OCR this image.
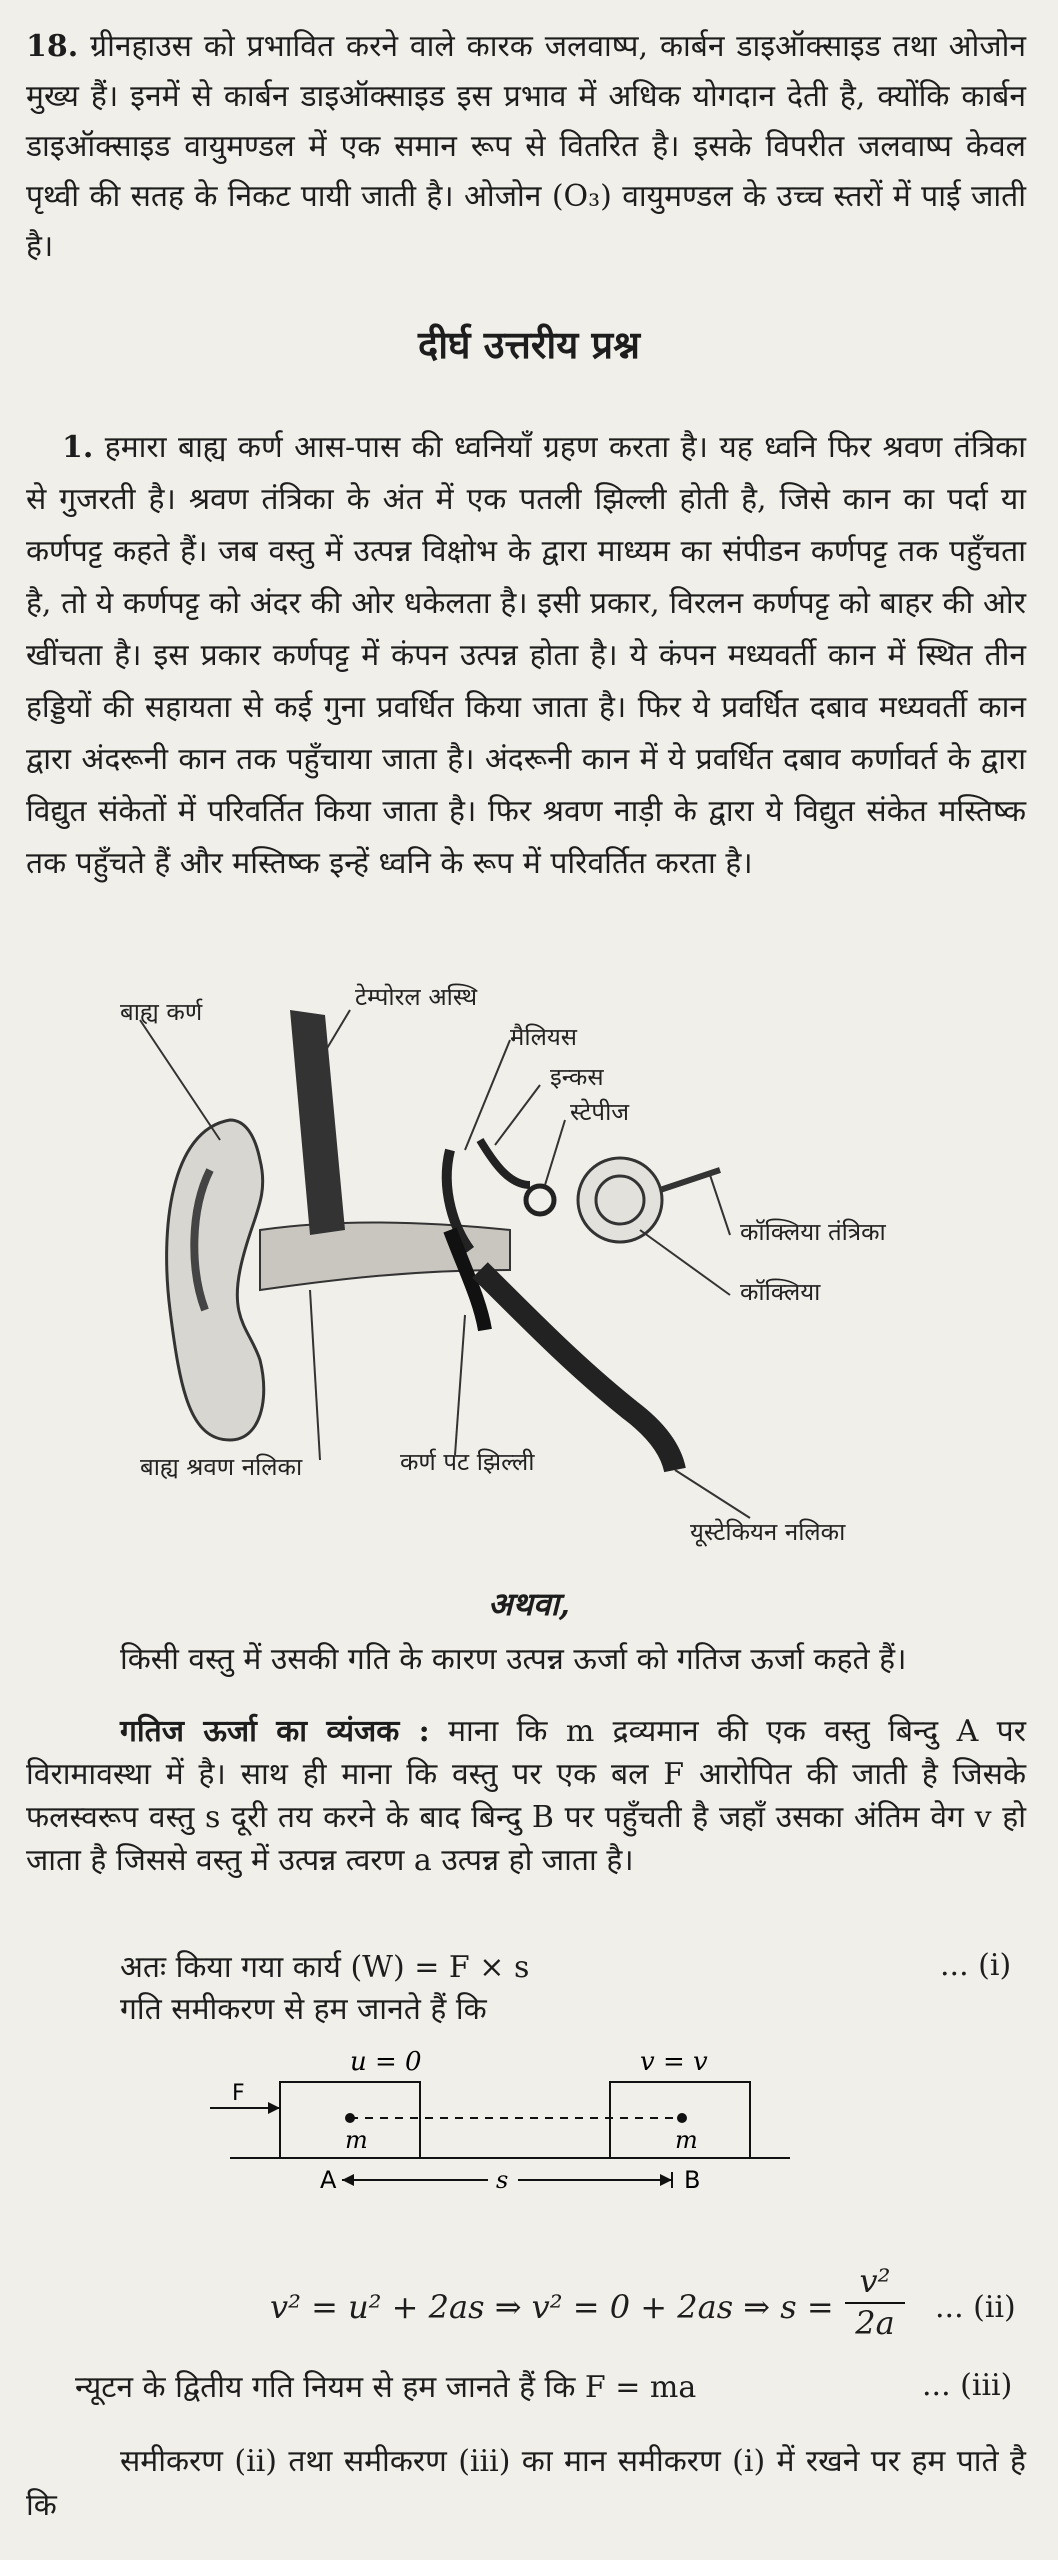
18. ग्रीनहाउस को प्रभावित करने वाले कारक जलवाष्प, कार्बन डाइऑक्साइड तथा ओजोन मुख्य हैं। इनमें से कार्बन डाइऑक्साइड इस प्रभाव में अधिक योगदान देती है, क्योंकि कार्बन डाइऑक्साइड वायुमण्डल में एक समान रूप से वितरित है। इसके विपरीत जलवाष्प केवल पृथ्वी की सतह के निकट पायी जाती है। ओजोन (O₃) वायुमण्डल के उच्च स्तरों में पाई जाती है।

दीर्घ उत्तरीय प्रश्न

1. हमारा बाह्य कर्ण आस-पास की ध्वनियाँ ग्रहण करता है। यह ध्वनि फिर श्रवण तंत्रिका से गुजरती है। श्रवण तंत्रिका के अंत में एक पतली झिल्ली होती है, जिसे कान का पर्दा या कर्णपट्ट कहते हैं। जब वस्तु में उत्पन्न विक्षोभ के द्वारा माध्यम का संपीडन कर्णपट्ट तक पहुँचता है, तो ये कर्णपट्ट को अंदर की ओर धकेलता है। इसी प्रकार, विरलन कर्णपट्ट को बाहर की ओर खींचता है। इस प्रकार कर्णपट्ट में कंपन उत्पन्न होता है। ये कंपन मध्यवर्ती कान में स्थित तीन हड्डियों की सहायता से कई गुना प्रवर्धित किया जाता है। फिर ये प्रवर्धित दबाव मध्यवर्ती कान द्वारा अंदरूनी कान तक पहुँचाया जाता है। अंदरूनी कान में ये प्रवर्धित दबाव कर्णावर्त के द्वारा विद्युत संकेतों में परिवर्तित किया जाता है। फिर श्रवण नाड़ी के द्वारा ये विद्युत संकेत मस्तिष्क तक पहुँचते हैं और मस्तिष्क इन्हें ध्वनि के रूप में परिवर्तित करता है।

बाह्य कर्ण
टेम्पोरल अस्थि
मैलियस
इन्कस
स्टेपीज
कॉक्लिया तंत्रिका
कॉक्लिया
बाह्य श्रवण नलिका	कर्ण पट झिल्ली
यूस्टेकियन नलिका
अथवा,
किसी वस्तु में उसकी गति के कारण उत्पन्न ऊर्जा को गतिज ऊर्जा कहते हैं।

गतिज ऊर्जा का व्यंजक : माना कि m द्रव्यमान की एक वस्तु बिन्दु A पर विरामावस्था में है। साथ ही माना कि वस्तु पर एक बल F आरोपित की जाती है जिसके फलस्वरूप वस्तु s दूरी तय करने के बाद बिन्दु B पर पहुँचती है जहाँ उसका अंतिम वेग v हो जाता है जिससे वस्तु में उत्पन्न त्वरण a उत्पन्न हो जाता है।

अतः किया गया कार्य (W) = F × s	... (i)
गति समीकरण से हम जानते हैं कि
u = 0	v = v
F
m	m
A	s	B
v² = u² + 2as ⇒ v² = 0 + 2as ⇒ $s = \frac{\text{v²}}{2a}$ ... (ii)
न्यूटन के द्वितीय गति नियम से हम जानते हैं कि F = ma	... (iii)

समीकरण (ii) तथा समीकरण (iii) का मान समीकरण (i) में रखने पर हम पाते है कि
